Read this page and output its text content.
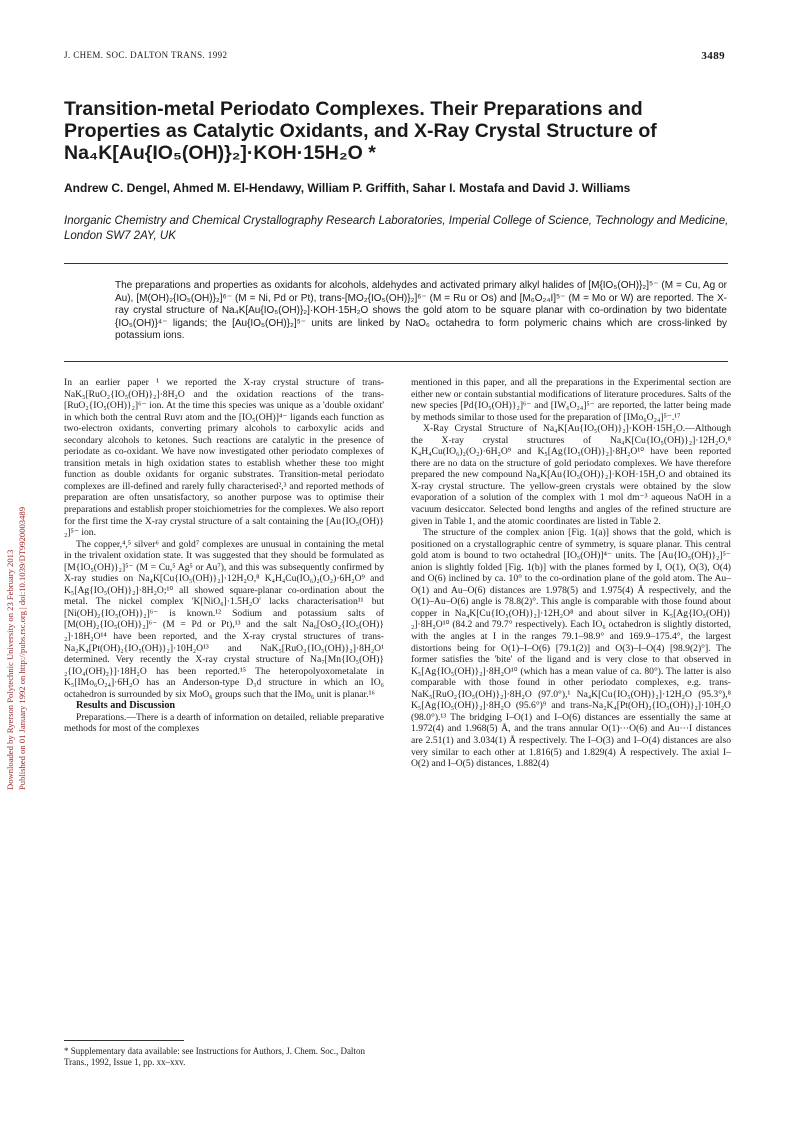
J. CHEM. SOC. DALTON TRANS. 1992	3489
Downloaded by Ryerson Polytechnic University on 23 February 2013 Published on 01 January 1992 on http://pubs.rsc.org | doi:10.1039/DT9920003489
Transition-metal Periodato Complexes. Their Preparations and Properties as Catalytic Oxidants, and X-Ray Crystal Structure of Na₄K[Au{IO₅(OH)}₂]·KOH·15H₂O *
Andrew C. Dengel, Ahmed M. El-Hendawy, William P. Griffith, Sahar I. Mostafa and David J. Williams
Inorganic Chemistry and Chemical Crystallography Research Laboratories, Imperial College of Science, Technology and Medicine, London SW7 2AY, UK
The preparations and properties as oxidants for alcohols, aldehydes and activated primary alkyl halides of [M{IO₅(OH)}₂]⁵⁻ (M = Cu, Ag or Au), [M(OH)₂{IO₅(OH)}₂]⁶⁻ (M = Ni, Pd or Pt), trans-[MO₂{IO₅(OH)}₂]⁶⁻ (M = Ru or Os) and [M₆O₂₄I]⁵⁻ (M = Mo or W) are reported. The X-ray crystal structure of Na₄K[Au{IO₅(OH)}₂]·KOH·15H₂O shows the gold atom to be square planar with co-ordination by two bidentate {IO₅(OH)}⁴⁻ ligands; the [Au{IO₅(OH)}₂]⁵⁻ units are linked by NaO₆ octahedra to form polymeric chains which are cross-linked by potassium ions.

In an earlier paper ¹ we reported the X-ray crystal structure of trans-NaK₅[RuO₂{IO₅(OH)}₂]·8H₂O and the oxidation reactions of the trans-[RuO₂{IO₅(OH)}₂]⁶⁻ ion. At the time this species was unique as a 'double oxidant' in which both the central Ruᴠɪ atom and the [IO₅(OH)]⁴⁻ ligands each function as two-electron oxidants, converting primary alcohols to carboxylic acids and secondary alcohols to ketones. Such reactions are catalytic in the presence of periodate as co-oxidant. We have now investigated other periodato complexes of transition metals in high oxidation states to establish whether these too might function as double oxidants for organic substrates. Transition-metal periodato complexes are ill-defined and rarely fully characterised²,³ and reported methods of preparation are often unsatisfactory, so another purpose was to optimise their preparations and establish proper stoichiometries for the complexes. We also report for the first time the X-ray crystal structure of a salt containing the [Au{IO₅(OH)}₂]⁵⁻ ion.

The copper,⁴,⁵ silver⁶ and gold⁷ complexes are unusual in containing the metal in the trivalent oxidation state. It was suggested that they should be formulated as [M{IO₅(OH)}₂]⁵⁻ (M = Cu,⁵ Ag⁵ or Au⁷), and this was subsequently confirmed by X-ray studies on Na₄K[Cu{IO₅(OH)}₂]·12H₂O,⁸ K₄H₄Cu(IO₆)₂(O₂)·6H₂O⁹ and K₅[Ag{IO₅(OH)}₂]·8H₂O;¹⁰ all showed square-planar co-ordination about the metal. The nickel complex 'K[NiO₆]·1.5H₂O' lacks characterisation¹¹ but [Ni(OH)₂{IO₅(OH)}₂]⁶⁻ is known.¹² Sodium and potassium salts of [M(OH)₂{IO₅(OH)}₂]⁶⁻ (M = Pd or Pt),¹³ and the salt Na₆[OsO₂{IO₅(OH)}₂]·18H₂O¹⁴ have been reported, and the X-ray crystal structures of trans-Na₂K₄[Pt(OH)₂{IO₅(OH)}₂]·10H₂O¹³ and NaK₅[RuO₂{IO₅(OH)}₂]·8H₂O¹ determined. Very recently the X-ray crystal structure of Na₇[Mn{IO₅(OH)}₂{IO₄(OH)₂}]·18H₂O has been reported.¹⁵ The heteropolyoxometalate in K₅[IMo₆O₂₄]·6H₂O has an Anderson-type D₃d structure in which an IO₆ octahedron is surrounded by six MoO₆ groups such that the IMo₆ unit is planar.¹⁶

Results and Discussion

Preparations.—There is a dearth of information on detailed, reliable preparative methods for most of the complexes

mentioned in this paper, and all the preparations in the Experimental section are either new or contain substantial modifications of literature procedures. Salts of the new species [Pd{IO₅(OH)}₂]⁶⁻ and [IW₆O₂₄]⁵⁻ are reported, the latter being made by methods similar to those used for the preparation of [IMo₆O₂₄]⁵⁻.¹⁷

X-Ray Crystal Structure of Na₄K[Au{IO₅(OH)}₂]·KOH·15H₂O.—Although the X-ray crystal structures of Na₄K[Cu{IO₅(OH)}₂]·12H₂O,⁸ K₄H₄Cu(IO₆)₂(O₂)·6H₂O⁹ and K₅[Ag{IO₅(OH)}₂]·8H₂O¹⁰ have been reported there are no data on the structure of gold periodato complexes. We have therefore prepared the new compound Na₄K[Au{IO₅(OH)}₂]·KOH·15H₂O and obtained its X-ray crystal structure. The yellow-green crystals were obtained by the slow evaporation of a solution of the complex with 1 mol dm⁻³ aqueous NaOH in a vacuum desiccator. Selected bond lengths and angles of the refined structure are given in Table 1, and the atomic coordinates are listed in Table 2.

The structure of the complex anion [Fig. 1(a)] shows that the gold, which is positioned on a crystallographic centre of symmetry, is square planar. This central gold atom is bound to two octahedral [IO₅(OH)]⁴⁻ units. The [Au{IO₅(OH)}₂]⁵⁻ anion is slightly folded [Fig. 1(b)] with the planes formed by I, O(1), O(3), O(4) and O(6) inclined by ca. 10° to the co-ordination plane of the gold atom. The Au–O(1) and Au–O(6) distances are 1.978(5) and 1.975(4) Å respectively, and the O(1)–Au–O(6) angle is 78.8(2)°. This angle is comparable with those found about copper in Na₄K[Cu{IO₅(OH)}₂]·12H₂O⁸ and about silver in K₅[Ag{IO₅(OH)}₂]·8H₂O¹⁰ (84.2 and 79.7° respectively). Each IO₆ octahedron is slightly distorted, with the angles at I in the ranges 79.1–98.9° and 169.9–175.4°, the largest distortions being for O(1)–I–O(6) [79.1(2)] and O(3)–I–O(4) [98.9(2)°]. The former satisfies the 'bite' of the ligand and is very close to that observed in K₅[Ag{IO₅(OH)}₂]·8H₂O¹⁰ (which has a mean value of ca. 80°). The latter is also comparable with those found in other periodato complexes, e.g. trans-NaK₅[RuO₂{IO₅(OH)}₂]·8H₂O (97.0°),¹ Na₄K[Cu{IO₅(OH)}₂]·12H₂O (95.3°),⁸ K₅[Ag{IO₅(OH)}₂]·8H₂O (95.6°)⁹ and trans-Na₂K₄[Pt(OH)₂{IO₅(OH)}₂]·10H₂O (98.0°).¹³ The bridging I–O(1) and I–O(6) distances are essentially the same at 1.972(4) and 1.968(5) Å, and the trans annular O(1)···O(6) and Au···I distances are 2.51(1) and 3.034(1) Å respectively. The I–O(3) and I–O(4) distances are also very similar to each other at 1.816(5) and 1.829(4) Å respectively. The axial I–O(2) and I–O(5) distances, 1.882(4)

* Supplementary data available: see Instructions for Authors, J. Chem. Soc., Dalton Trans., 1992, Issue 1, pp. xx–xxv.
